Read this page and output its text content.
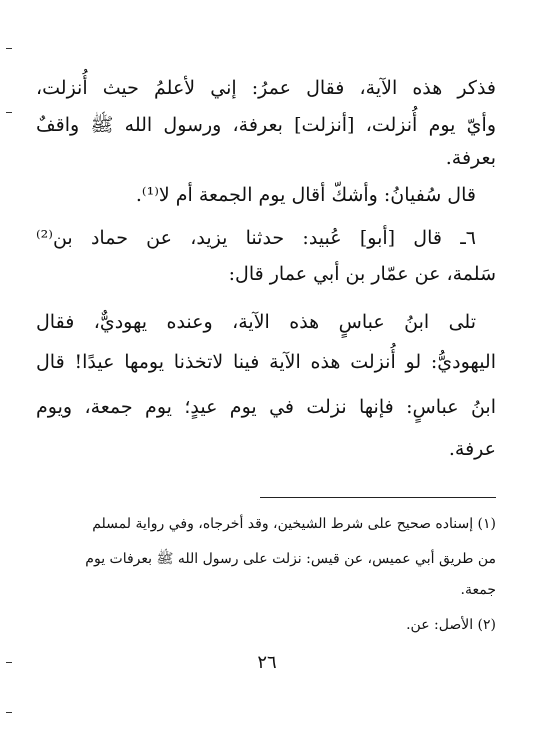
فذكر هذه الآية، فقال عمرُ: إني لأعلمُ حيث أُنزلت،
وأيّ يوم أُنزلت، [أنزلت] بعرفة، ورسول الله ﷺ واقفٌ
بعرفة.
قال سُفيانُ: وأشكّ أقال يوم الجمعة أم لا⁽¹⁾.
٦ـ قال [أبو] عُبيد: حدثنا يزيد، عن حماد بن⁽²⁾
سَلمة، عن عمّار بن أبي عمار قال:
تلى ابنُ عباسٍ هذه الآية، وعنده يهوديٌّ، فقال
اليهوديُّ: لو أُنزلت هذه الآية فينا لاتخذنا يومها عيدًا! قال
ابنُ عباسٍ: فإنها نزلت في يوم عيدٍ؛ يوم جمعة، ويوم
عرفة.
(١) إسناده صحيح على شرط الشيخين، وقد أخرجاه، وفي رواية لمسلم
من طريق أبي عميس، عن قيس: نزلت على رسول الله ﷺ بعرفات يوم
جمعة.
(٢) الأصل: عن.
٢٦
